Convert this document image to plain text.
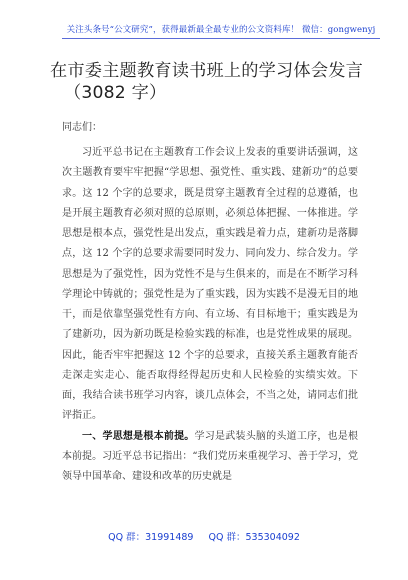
关注头条号“公文研究”，获得最新最全最专业的公文资料库！ 微信：gongwenyj
在市委主题教育读书班上的学习体会发言
（3082 字）
同志们：

习近平总书记在主题教育工作会议上发表的重要讲话强调，这次主题教育要牢牢把握“学思想、强党性、重实践、建新功”的总要求。这 12 个字的总要求，既是贯穿主题教育全过程的总遵循，也是开展主题教育必须对照的总原则，必须总体把握、一体推进。学思想是根本点，强党性是出发点，重实践是着力点，建新功是落脚点，这 12 个字的总要求需要同时发力、同向发力、综合发力。学思想是为了强党性，因为党性不是与生俱来的，而是在不断学习科学理论中铸就的；强党性是为了重实践，因为实践不是漫无目的地干，而是依靠坚强党性有方向、有立场、有目标地干；重实践是为了建新功，因为新功既是检验实践的标准，也是党性成果的展现。因此，能否牢牢把握这 12 个字的总要求，直接关系主题教育能否走深走实走心、能否取得经得起历史和人民检验的实绩实效。下面，我结合读书班学习内容，谈几点体会，不当之处，请同志们批评指正。

一、学思想是根本前提。学习是武装头脑的头道工序，也是根本前提。习近平总书记指出：“我们党历来重视学习、善于学习，党领导中国革命、建设和改革的历史就是

QQ 群：31991489 QQ 群：535304092
